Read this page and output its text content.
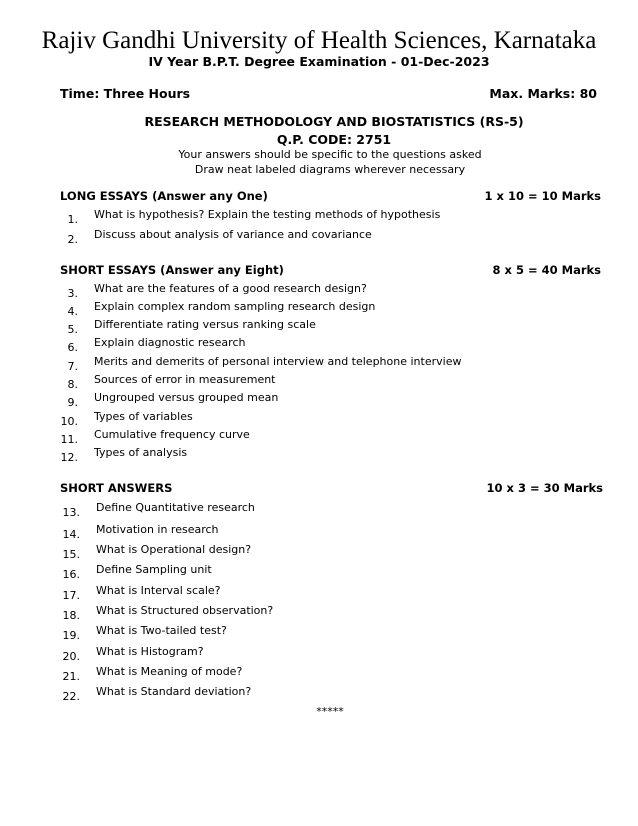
Rajiv Gandhi University of Health Sciences, Karnataka
IV Year B.P.T. Degree Examination - 01-Dec-2023
Time: Three Hours	Max. Marks: 80
RESEARCH METHODOLOGY AND BIOSTATISTICS (RS-5)
Q.P. CODE: 2751
Your answers should be specific to the questions asked
Draw neat labeled diagrams wherever necessary
LONG ESSAYS (Answer any One)	1 x 10 = 10 Marks
1. What is hypothesis? Explain the testing methods of hypothesis
2. Discuss about analysis of variance and covariance
SHORT ESSAYS (Answer any Eight)	8 x 5 = 40 Marks
3. What are the features of a good research design?
4. Explain complex random sampling research design
5. Differentiate rating versus ranking scale
6. Explain diagnostic research
7. Merits and demerits of personal interview and telephone interview
8. Sources of error in measurement
9. Ungrouped versus grouped mean
10. Types of variables
11. Cumulative frequency curve
12. Types of analysis
SHORT ANSWERS	10 x 3 = 30 Marks
13. Define Quantitative research
14. Motivation in research
15. What is Operational design?
16. Define Sampling unit
17. What is Interval scale?
18. What is Structured observation?
19. What is Two-tailed test?
20. What is Histogram?
21. What is Meaning of mode?
22. What is Standard deviation?
*****
